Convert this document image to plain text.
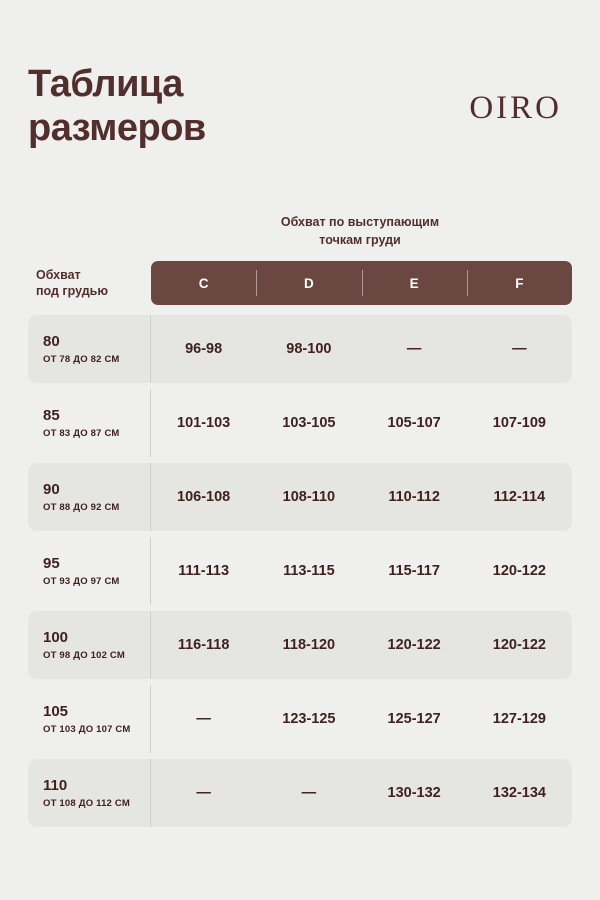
Таблица размеров	OIRO
Обхват по выступающим
точкам груди
Обхват
под грудью
C	D	E	F
80
ОТ 78 ДО 82 СМ
96-98	98-100	—	—
85
ОТ 83 ДО 87 СМ
101-103	103-105	105-107	107-109
90
ОТ 88 ДО 92 СМ
106-108	108-110	110-112	112-114
95
ОТ 93 ДО 97 СМ
111-113	113-115	115-117	120-122
100
ОТ 98 ДО 102 СМ
116-118	118-120	120-122	120-122
105
ОТ 103 ДО 107 СМ
—	123-125	125-127	127-129
110
ОТ 108 ДО 112 СМ
—	—	130-132	132-134
